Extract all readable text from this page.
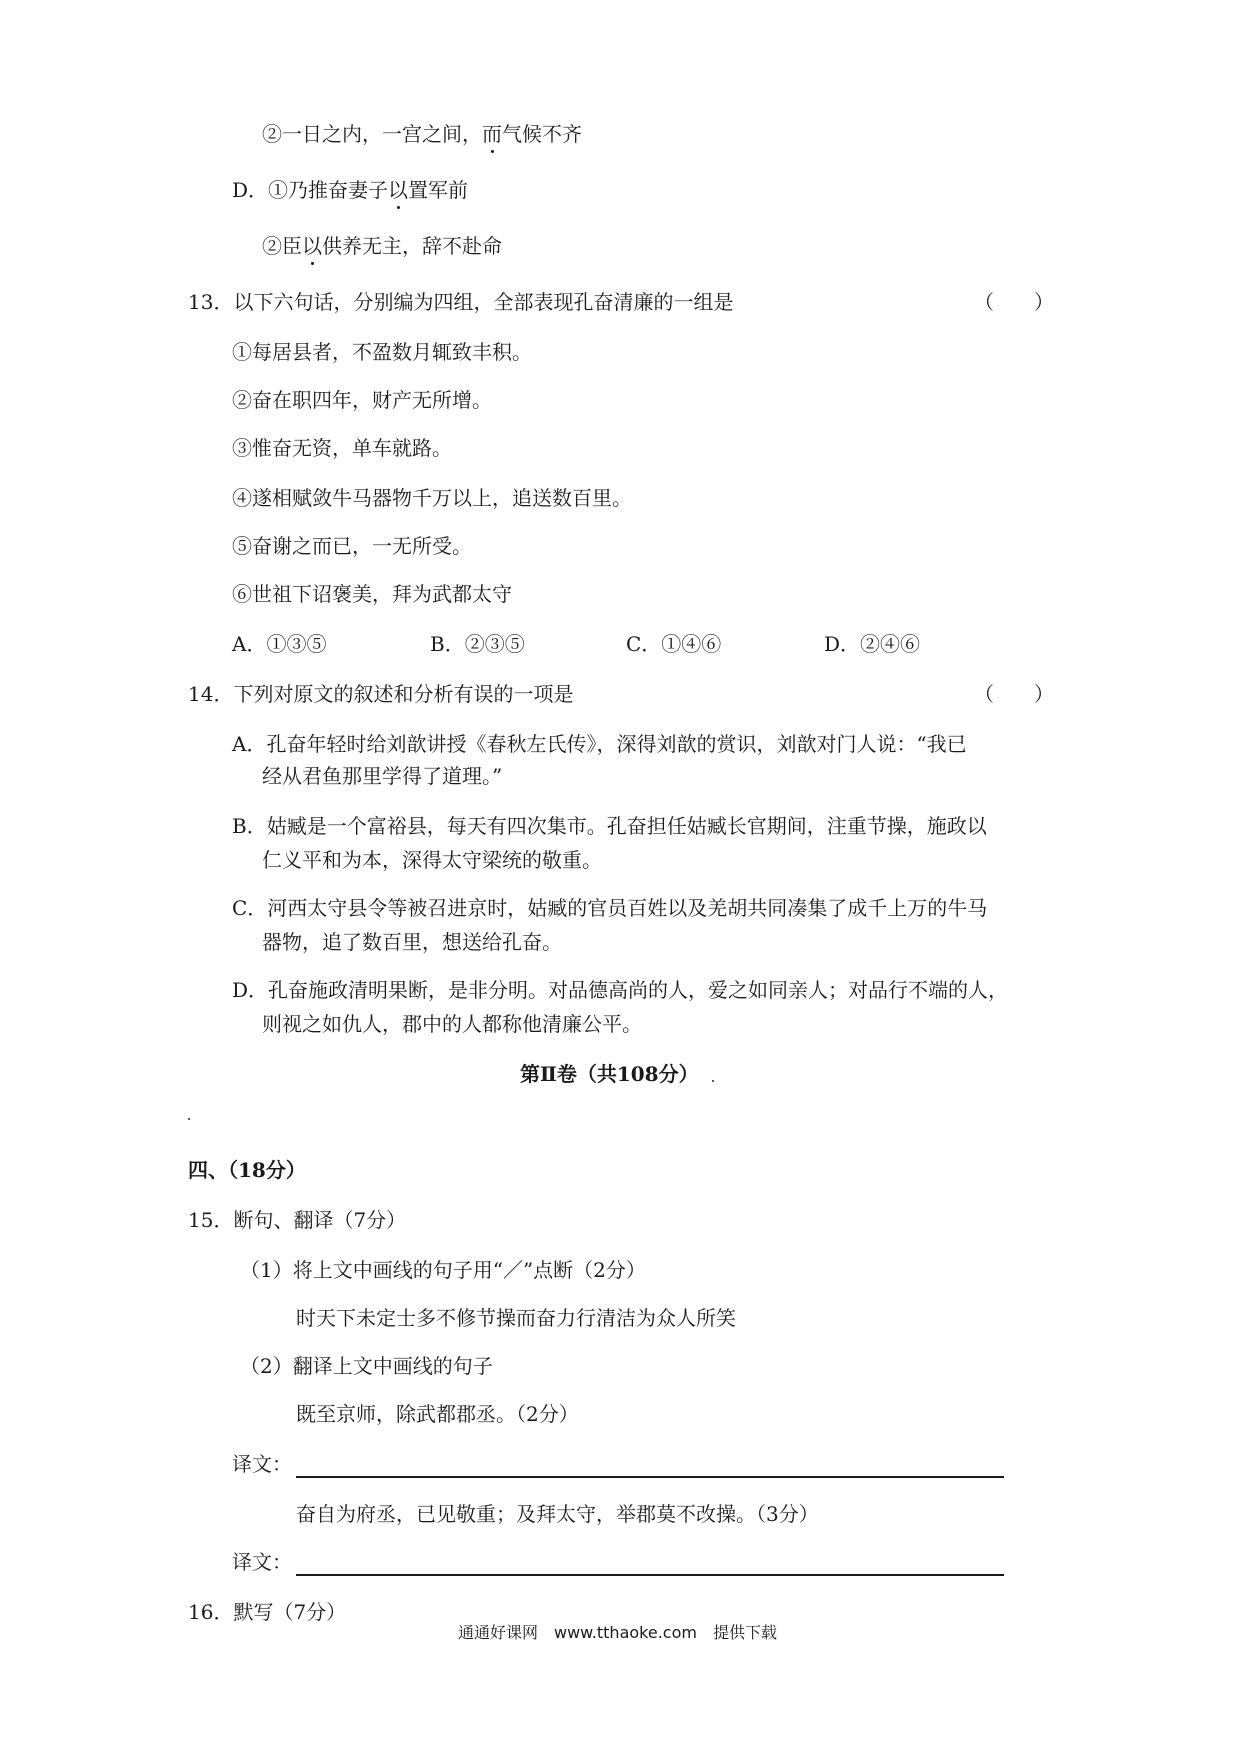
②一日之内，一宫之间，而气候不齐
D．①乃推奋妻子以置军前
②臣以供养无主，辞不赴命
13．以下六句话，分别编为四组，全部表现孔奋清廉的一组是	（　　）
①每居县者，不盈数月辄致丰积。
②奋在职四年，财产无所增。
③惟奋无资，单车就路。
④遂相赋敛牛马器物千万以上，追送数百里。
⑤奋谢之而已，一无所受。
⑥世祖下诏褒美，拜为武都太守
A．①③⑤	B．②③⑤	C．①④⑥	D．②④⑥
14．下列对原文的叙述和分析有误的一项是	（　　）
A．孔奋年轻时给刘歆讲授《春秋左氏传》，深得刘歆的赏识，刘歆对门人说：“我已
经从君鱼那里学得了道理。”
B．姑臧是一个富裕县，每天有四次集市。孔奋担任姑臧长官期间，注重节操，施政以
仁义平和为本，深得太守梁统的敬重。
C．河西太守县令等被召进京时，姑臧的官员百姓以及羌胡共同凑集了成千上万的牛马
器物，追了数百里，想送给孔奋。
D．孔奋施政清明果断，是非分明。对品德高尚的人，爱之如同亲人；对品行不端的人，
则视之如仇人，郡中的人都称他清廉公平。
第Ⅱ卷（共108分）
四、（18分）
15．断句、翻译（7分）
（1）将上文中画线的句子用“／”点断（2分）
时天下未定士多不修节操而奋力行清洁为众人所笑
（2）翻译上文中画线的句子
既至京师，除武都郡丞。（2分）
译文：
奋自为府丞，已见敬重；及拜太守，举郡莫不改操。（3分）
译文：
16．默写（7分）
通通好课网　www.tthaoke.com　提供下载
